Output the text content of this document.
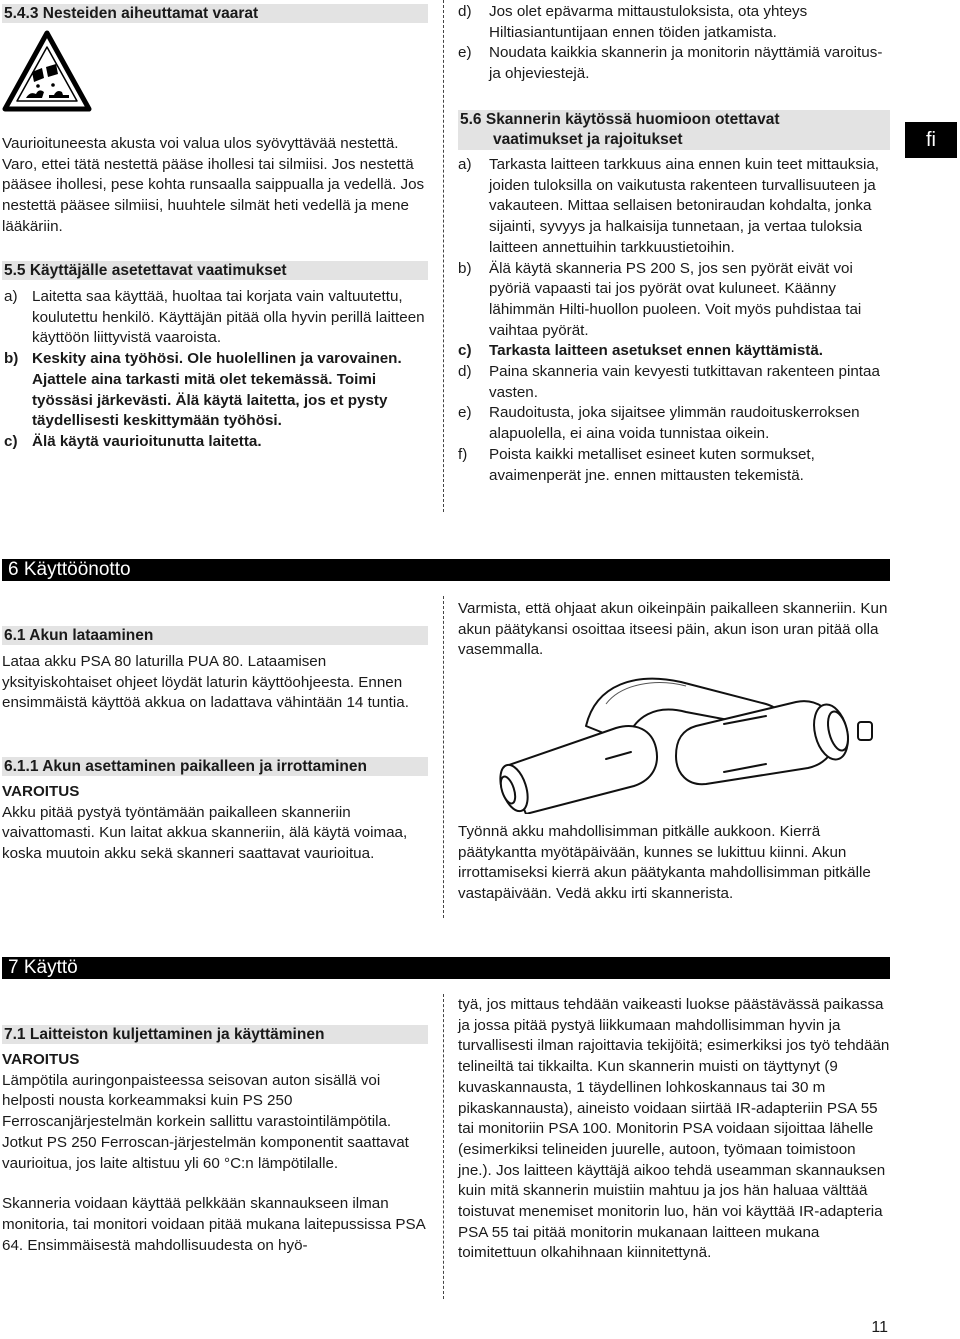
fi
5.4.3 Nesteiden aiheuttamat vaarat

Vaurioituneesta akusta voi valua ulos syövyttävää nestettä. Varo, ettei tätä nestettä pääse ihollesi tai silmiisi. Jos nestettä pääsee ihollesi, pese kohta runsaalla saippualla ja vedellä. Jos nestettä pääsee silmiisi, huuhtele silmät heti vedellä ja mene lääkäriin.

5.5 Käyttäjälle asetettavat vaatimukset
a) Laitetta saa käyttää, huoltaa tai korjata vain valtuutettu, koulutettu henkilö. Käyttäjän pitää olla hyvin perillä laitteen käyttöön liittyvistä vaaroista.
b) Keskity aina työhösi. Ole huolellinen ja varovainen. Ajattele aina tarkasti mitä olet tekemässä. Toimi työssäsi järkevästi. Älä käytä laitetta, jos et pysty täydellisesti keskittymään työhösi.
c) Älä käytä vaurioitunutta laitetta.
d)	Jos olet epävarma mittaustuloksista, ota yhteys Hiltiasiantuntijaan ennen töiden jatkamista.
e)	Noudata kaikkia skannerin ja monitorin näyttämiä varoitus- ja ohjeviestejä.
5.6 Skannerin käytössä huomioon otettavat
vaatimukset ja rajoitukset
a)	Tarkasta laitteen tarkkuus aina ennen kuin teet mittauksia, joiden tuloksilla on vaikutusta rakenteen turvallisuuteen ja vakauteen. Mittaa sellaisen betoniraudan kohdalta, jonka sijainti, syvyys ja halkaisija tunnetaan, ja vertaa tuloksia laitteen annettuihin tarkkuustietoihin.
b)	Älä käytä skanneria PS 200 S, jos sen pyörät eivät voi pyöriä vapaasti tai jos pyörät ovat kuluneet. Käänny lähimmän Hilti-huollon puoleen. Voit myös puhdistaa tai vaihtaa pyörät.
c)	Tarkasta laitteen asetukset ennen käyttämistä.
d)	Paina skanneria vain kevyesti tutkittavan rakenteen pintaa vasten.
e)	Raudoitusta, joka sijaitsee ylimmän raudoituskerroksen alapuolella, ei aina voida tunnistaa oikein.
f)	Poista kaikki metalliset esineet kuten sormukset, avaimenperät jne. ennen mittausten tekemistä.
6 Käyttöönotto
6.1 Akun lataaminen

Lataa akku PSA 80 laturilla PUA 80. Lataamisen yksityiskohtaiset ohjeet löydät laturin käyttöohjeesta. Ennen ensimmäistä käyttöä akkua on ladattava vähintään 14 tuntia.

6.1.1 Akun asettaminen paikalleen ja irrottaminen

VAROITUS

Akku pitää pystyä työntämään paikalleen skanneriin vaivattomasti. Kun laitat akkua skanneriin, älä käytä voimaa, koska muutoin akku sekä skanneri saattavat vaurioitua.

Varmista, että ohjaat akun oikeinpäin paikalleen skanneriin. Kun akun päätykansi osoittaa itseesi päin, akun ison uran pitää olla vasemmalla.

Työnnä akku mahdollisimman pitkälle aukkoon. Kierrä päätykantta myötäpäivään, kunnes se lukittuu kiinni. Akun irrottamiseksi kierrä akun päätykanta mahdollisimman pitkälle vastapäivään. Vedä akku irti skannerista.

7 Käyttö
7.1 Laitteiston kuljettaminen ja käyttäminen

VAROITUS

Lämpötila auringonpaisteessa seisovan auton sisällä voi helposti nousta korkeammaksi kuin PS 250 Ferroscanjärjestelmän korkein sallittu varastointilämpötila. Jotkut PS 250 Ferroscan-järjestelmän komponentit saattavat vaurioitua, jos laite altistuu yli 60 °C:n lämpötilalle.

Skanneria voidaan käyttää pelkkään skannaukseen ilman monitoria, tai monitori voidaan pitää mukana laitepussissa PSA 64. Ensimmäisestä mahdollisuudesta on hyö-

tyä, jos mittaus tehdään vaikeasti luokse päästävässä paikassa ja jossa pitää pystyä liikkumaan mahdollisimman hyvin ja turvallisesti ilman rajoittavia tekijöitä; esimerkiksi jos työ tehdään telineiltä tai tikkailta. Kun skannerin muisti on täyttynyt (9 kuvaskannausta, 1 täydellinen lohkoskannaus tai 30 m pikaskannausta), aineisto voidaan siirtää IR-adapteriin PSA 55 tai monitoriin PSA 100. Monitorin PSA voidaan sijoittaa lähelle (esimerkiksi telineiden juurelle, autoon, työmaan toimistoon jne.). Jos laitteen käyttäjä aikoo tehdä useamman skannauksen kuin mitä skannerin muistiin mahtuu ja jos hän haluaa välttää toistuvat menemiset monitorin luo, hän voi käyttää IR-adapteria PSA 55 tai pitää monitorin mukanaan laitteen mukana toimitettuun olkahihnaan kiinnitettynä.

11
